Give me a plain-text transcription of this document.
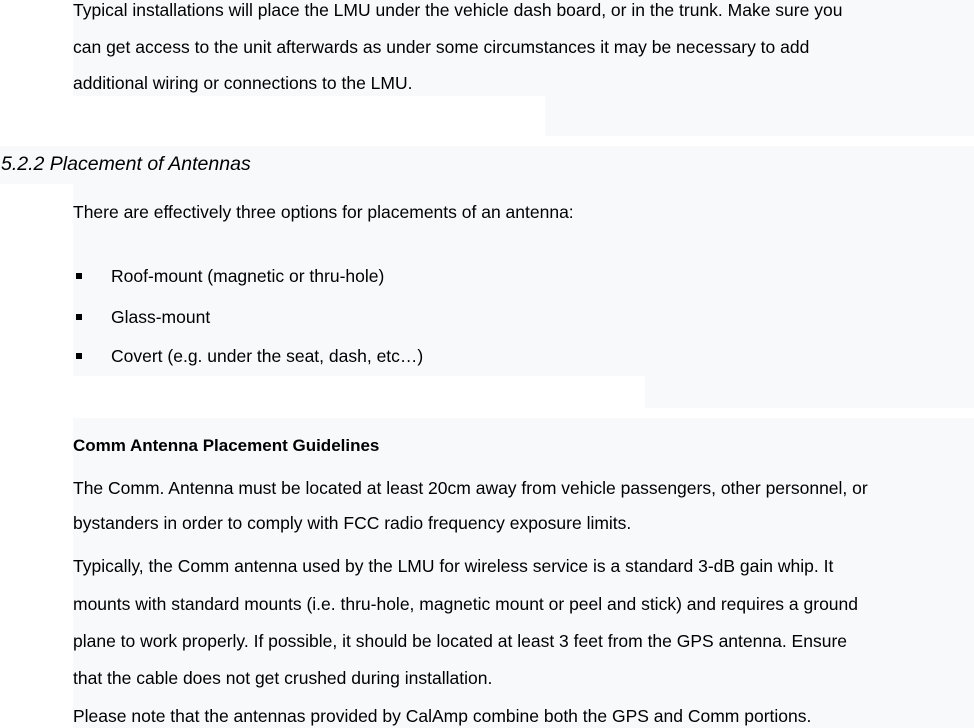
Typical installations will place the LMU under the vehicle dash board, or in the trunk. Make sure you
can get access to the unit afterwards as under some circumstances it may be necessary to add
additional wiring or connections to the LMU.
5.2.2 Placement of Antennas
There are effectively three options for placements of an antenna:
Roof-mount (magnetic or thru-hole)
Glass-mount
Covert (e.g. under the seat, dash, etc…)
Comm Antenna Placement Guidelines
The Comm. Antenna must be located at least 20cm away from vehicle passengers, other personnel, or
bystanders in order to comply with FCC radio frequency exposure limits.
Typically, the Comm antenna used by the LMU for wireless service is a standard 3-dB gain whip. It
mounts with standard mounts (i.e. thru-hole, magnetic mount or peel and stick) and requires a ground
plane to work properly. If possible, it should be located at least 3 feet from the GPS antenna. Ensure
that the cable does not get crushed during installation.
Please note that the antennas provided by CalAmp combine both the GPS and Comm portions.
